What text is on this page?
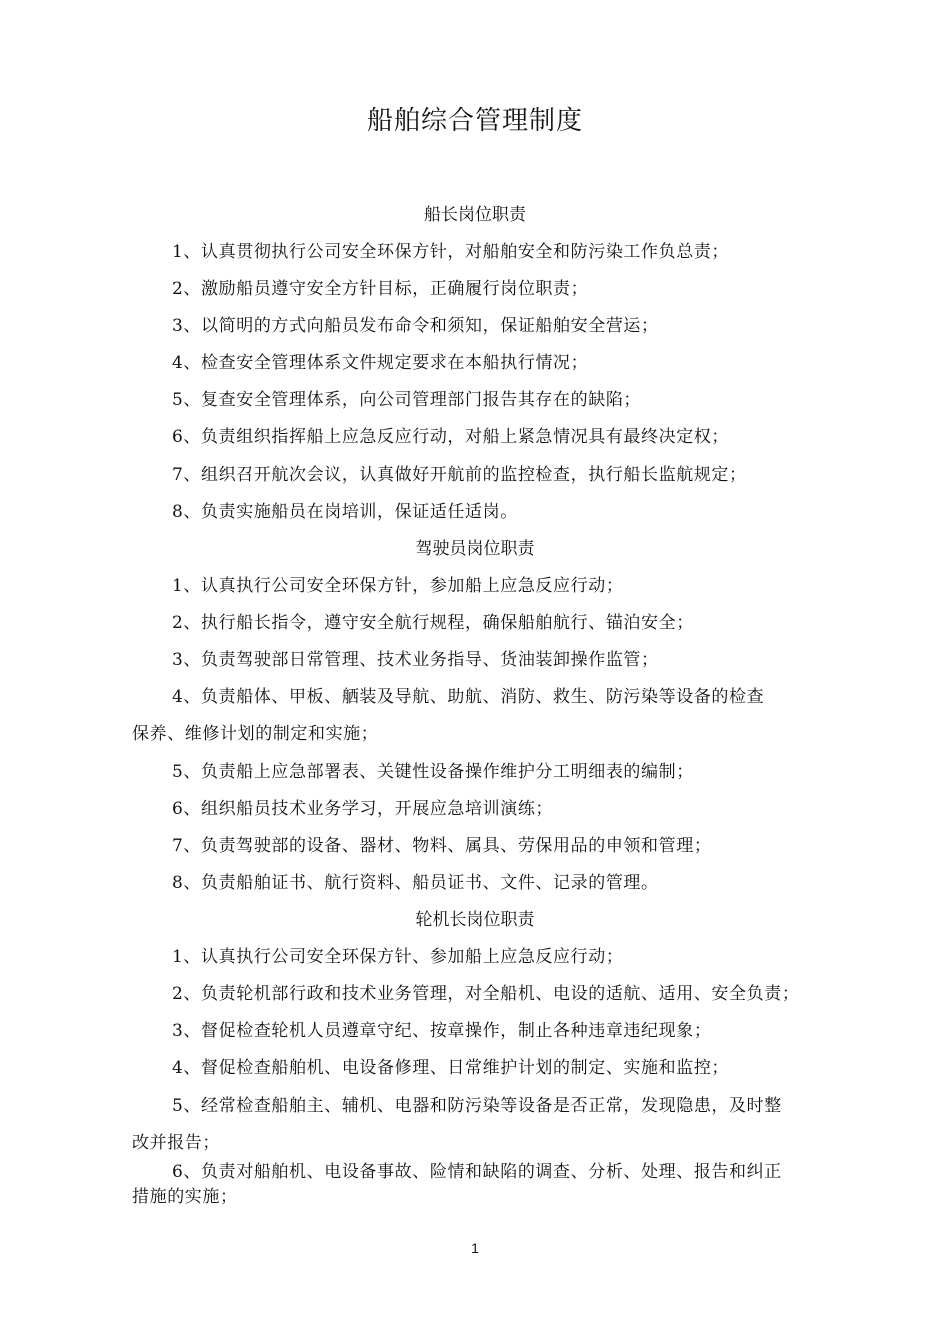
船舶综合管理制度
船长岗位职责
1、认真贯彻执行公司安全环保方针，对船舶安全和防污染工作负总责；
2、激励船员遵守安全方针目标，正确履行岗位职责；
3、以简明的方式向船员发布命令和须知，保证船舶安全营运；
4、检查安全管理体系文件规定要求在本船执行情况；
5、复查安全管理体系，向公司管理部门报告其存在的缺陷；
6、负责组织指挥船上应急反应行动，对船上紧急情况具有最终决定权；
7、组织召开航次会议，认真做好开航前的监控检查，执行船长监航规定；
8、负责实施船员在岗培训，保证适任适岗。
驾驶员岗位职责
1、认真执行公司安全环保方针，参加船上应急反应行动；
2、执行船长指令，遵守安全航行规程，确保船舶航行、锚泊安全；
3、负责驾驶部日常管理、技术业务指导、货油装卸操作监管；
4、负责船体、甲板、舾装及导航、助航、消防、救生、防污染等设备的检查
保养、维修计划的制定和实施；
5、负责船上应急部署表、关键性设备操作维护分工明细表的编制；
6、组织船员技术业务学习，开展应急培训演练；
7、负责驾驶部的设备、器材、物料、属具、劳保用品的申领和管理；
8、负责船舶证书、航行资料、船员证书、文件、记录的管理。
轮机长岗位职责
1、认真执行公司安全环保方针、参加船上应急反应行动；
2、负责轮机部行政和技术业务管理，对全船机、电设的适航、适用、安全负责；
3、督促检查轮机人员遵章守纪、按章操作，制止各种违章违纪现象；
4、督促检查船舶机、电设备修理、日常维护计划的制定、实施和监控；
5、经常检查船舶主、辅机、电器和防污染等设备是否正常，发现隐患，及时整
改并报告；
6、负责对船舶机、电设备事故、险情和缺陷的调查、分析、处理、报告和纠正
措施的实施；
1
